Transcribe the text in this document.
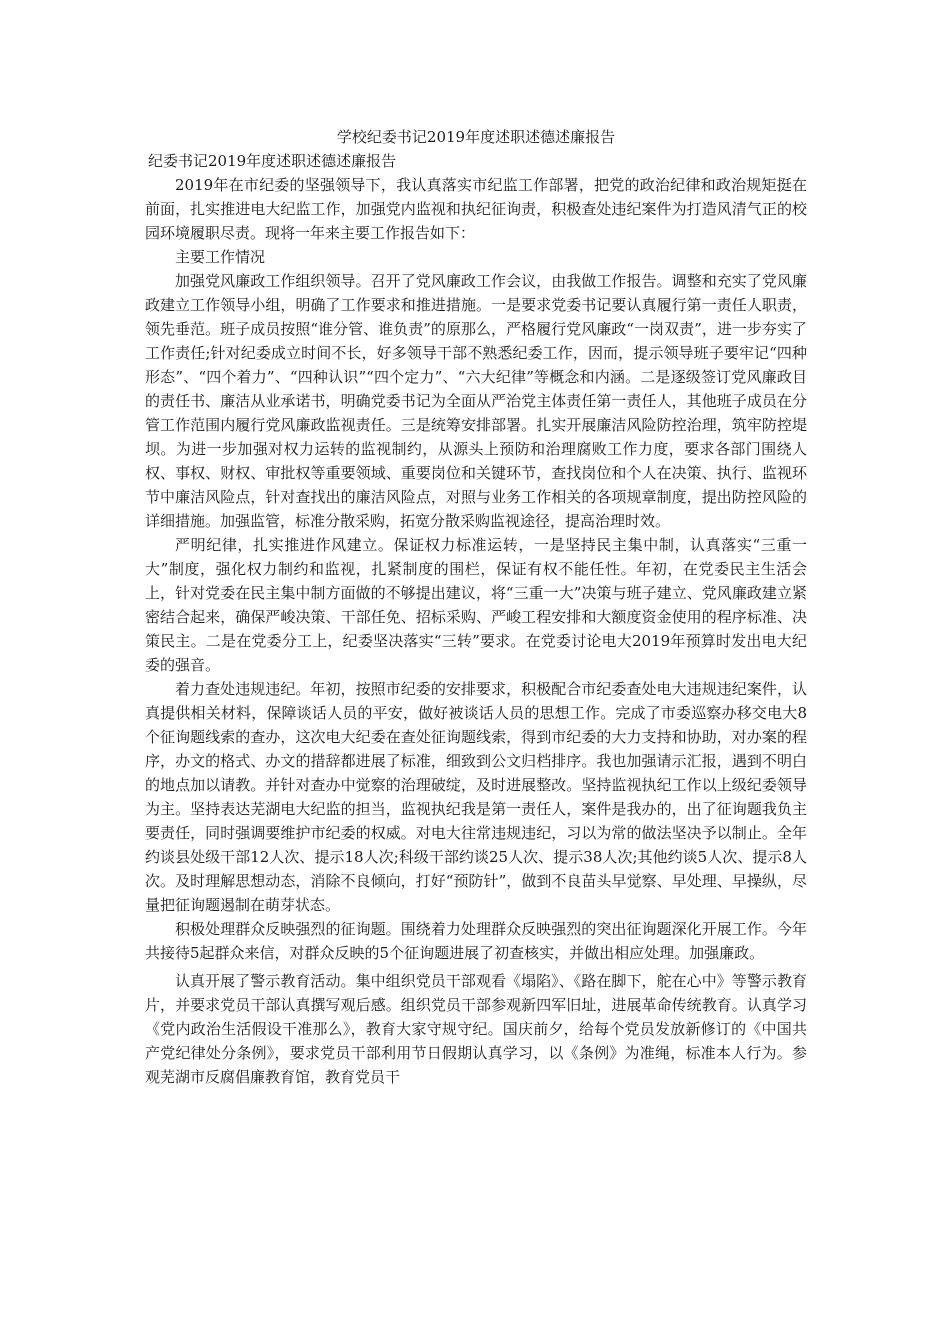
学校纪委书记2019年度述职述德述廉报告

纪委书记2019年度述职述德述廉报告

2019年在市纪委的坚强领导下，我认真落实市纪监工作部署，把党的政治纪律和政治规矩挺在前面，扎实推进电大纪监工作，加强党内监视和执纪征询责，积极查处违纪案件为打造风清气正的校园环境履职尽责。现将一年来主要工作报告如下：

主要工作情况

加强党风廉政工作组织领导。召开了党风廉政工作会议，由我做工作报告。调整和充实了党风廉政建立工作领导小组，明确了工作要求和推进措施。一是要求党委书记要认真履行第一责任人职责，领先垂范。班子成员按照“谁分管、谁负责”的原那么，严格履行党风廉政“一岗双责”，进一步夯实了工作责任;针对纪委成立时间不长，好多领导干部不熟悉纪委工作，因而，提示领导班子要牢记“四种形态”、“四个着力”、“四种认识”“四个定力”、“六大纪律”等概念和内涵。二是逐级签订党风廉政目的责任书、廉洁从业承诺书，明确党委书记为全面从严治党主体责任第一责任人，其他班子成员在分管工作范围内履行党风廉政监视责任。三是统筹安排部署。扎实开展廉洁风险防控治理，筑牢防控堤坝。为进一步加强对权力运转的监视制约，从源头上预防和治理腐败工作力度，要求各部门围绕人权、事权、财权、审批权等重要领域、重要岗位和关键环节，查找岗位和个人在决策、执行、监视环节中廉洁风险点，针对查找出的廉洁风险点，对照与业务工作相关的各项规章制度，提出防控风险的详细措施。加强监管，标准分散采购，拓宽分散采购监视途径，提高治理时效。

严明纪律，扎实推进作风建立。保证权力标准运转，一是坚持民主集中制，认真落实“三重一大”制度，强化权力制约和监视，扎紧制度的围栏，保证有权不能任性。年初，在党委民主生活会上，针对党委在民主集中制方面做的不够提出建议，将“三重一大”决策与班子建立、党风廉政建立紧密结合起来，确保严峻决策、干部任免、招标采购、严峻工程安排和大额度资金使用的程序标准、决策民主。二是在党委分工上，纪委坚决落实“三转”要求。在党委讨论电大2019年预算时发出电大纪委的强音。

着力查处违规违纪。年初，按照市纪委的安排要求，积极配合市纪委查处电大违规违纪案件，认真提供相关材料，保障谈话人员的平安，做好被谈话人员的思想工作。完成了市委巡察办移交电大8个征询题线索的查办，这次电大纪委在查处征询题线索，得到市纪委的大力支持和协助，对办案的程序，办文的格式、办文的措辞都进展了标准，细致到公文归档排序。我也加强请示汇报，遇到不明白的地点加以请教。并针对查办中觉察的治理破绽，及时进展整改。坚持监视执纪工作以上级纪委领导为主。坚持表达芜湖电大纪监的担当，监视执纪我是第一责任人，案件是我办的，出了征询题我负主要责任，同时强调要维护市纪委的权威。对电大往常违规违纪，习以为常的做法坚决予以制止。全年约谈县处级干部12人次、提示18人次;科级干部约谈25人次、提示38人次;其他约谈5人次、提示8人次。及时理解思想动态，消除不良倾向，打好“预防针”，做到不良苗头早觉察、早处理、早操纵，尽量把征询题遏制在萌芽状态。

积极处理群众反映强烈的征询题。围绕着力处理群众反映强烈的突出征询题深化开展工作。今年共接待5起群众来信，对群众反映的5个征询题进展了初查核实，并做出相应处理。加强廉政。

认真开展了警示教育活动。集中组织党员干部观看《塌陷》、《路在脚下，舵在心中》等警示教育片，并要求党员干部认真撰写观后感。组织党员干部参观新四军旧址，进展革命传统教育。认真学习《党内政治生活假设干准那么》，教育大家守规守纪。国庆前夕，给每个党员发放新修订的《中国共产党纪律处分条例》，要求党员干部利用节日假期认真学习，以《条例》为准绳，标准本人行为。参观芜湖市反腐倡廉教育馆，教育党员干
